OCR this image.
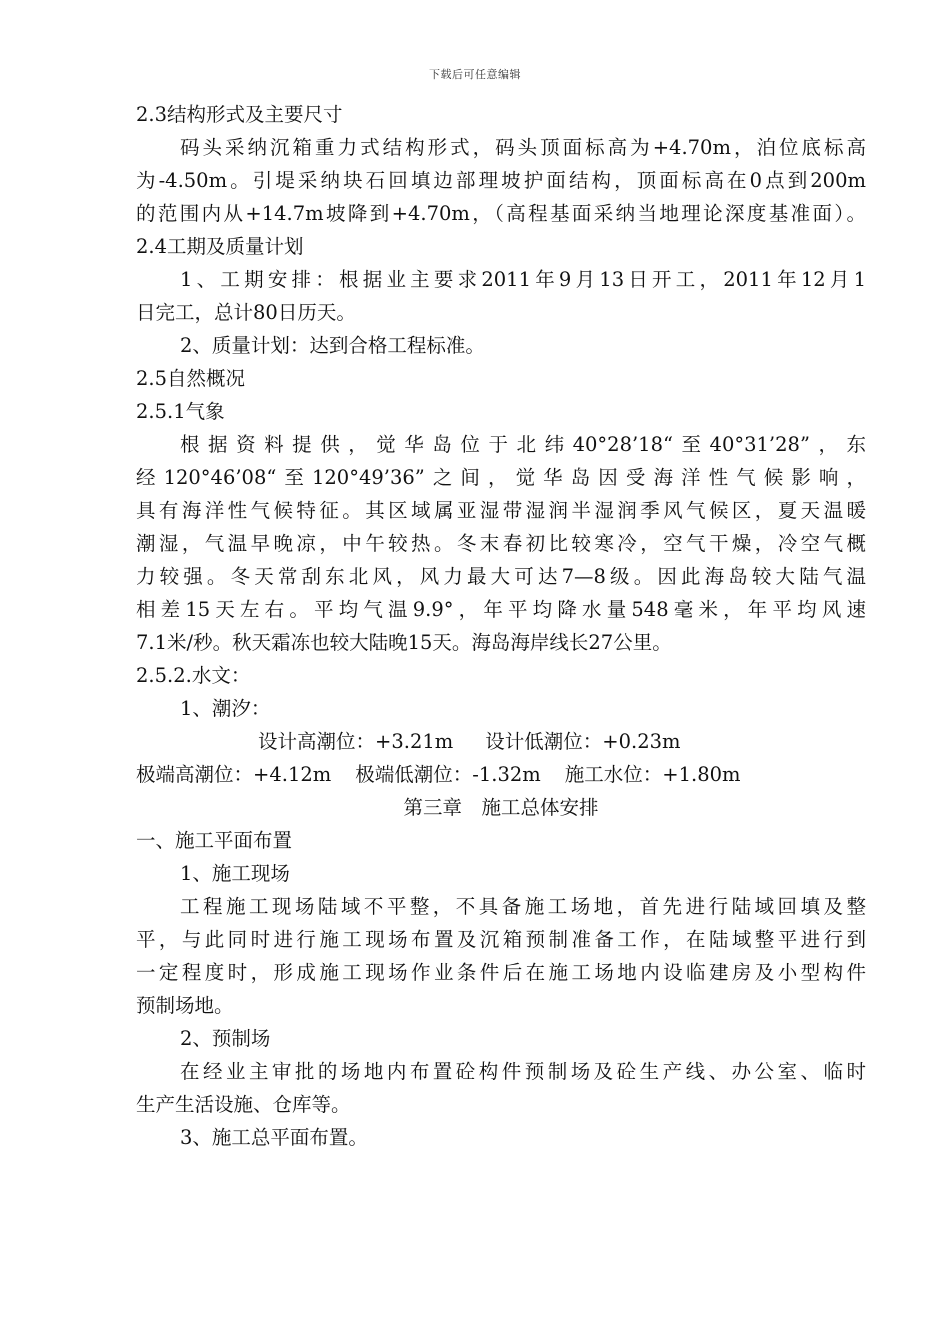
下载后可任意编辑
2.3结构形式及主要尺寸
码头采纳沉箱重力式结构形式，码头顶面标高为+4.70m，泊位底标高
为-4.50m。引堤采纳块石回填边部理坡护面结构，顶面标高在0点到200m
的范围内从+14.7m坡降到+4.70m，（高程基面采纳当地理论深度基准面）。
2.4工期及质量计划
1、工期安排：根据业主要求2011年9月13日开工，2011年12月1
日完工，总计80日历天。
2、质量计划：达到合格工程标准。
2.5自然概况
2.5.1气象
根据资料提供，觉华岛位于北纬40°28’18“至40°31’28”，东
经120°46’08“至120°49’36”之间，觉华岛因受海洋性气候影响，
具有海洋性气候特征。其区域属亚湿带湿润半湿润季风气候区，夏天温暖
潮湿，气温早晚凉，中午较热。冬末春初比较寒冷，空气干燥，冷空气概
力较强。冬天常刮东北风，风力最大可达7—8级。因此海岛较大陆气温
相差15天左右。平均气温9.9°，年平均降水量548毫米，年平均风速
7.1米/秒。秋天霜冻也较大陆晚15天。海岛海岸线长27公里。
2.5.2.水文：
1、潮汐：
设计高潮位：+3.21m 设计低潮位：+0.23m
极端高潮位：+4.12m 极端低潮位：-1.32m 施工水位：+1.80m
第三章　施工总体安排
一、施工平面布置
1、施工现场
工程施工现场陆域不平整，不具备施工场地，首先进行陆域回填及整
平，与此同时进行施工现场布置及沉箱预制准备工作，在陆域整平进行到
一定程度时，形成施工现场作业条件后在施工场地内设临建房及小型构件
预制场地。
2、预制场
在经业主审批的场地内布置砼构件预制场及砼生产线、办公室、临时
生产生活设施、仓库等。
3、施工总平面布置。
